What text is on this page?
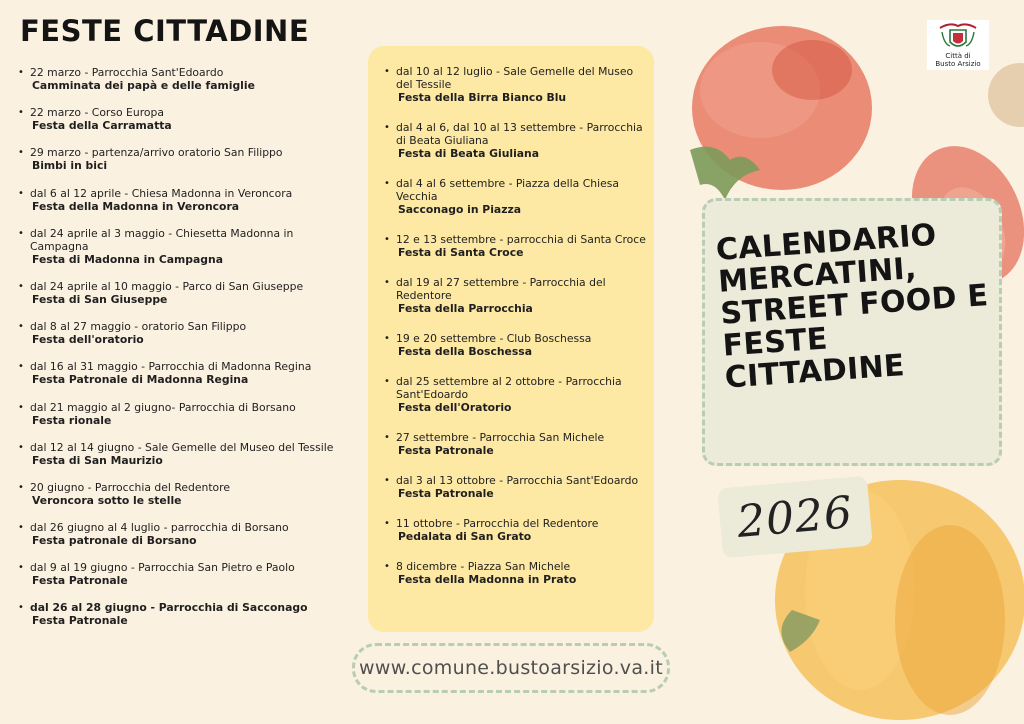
FESTE CITTADINE
• 22 marzo - Parrocchia Sant'Edoardo
Camminata dei papà e delle famiglie
• 22 marzo - Corso Europa
Festa della Carramatta
• 29 marzo - partenza/arrivo oratorio San Filippo
Bimbi in bici
• dal 6 al 12 aprile - Chiesa Madonna in Veroncora
Festa della Madonna in Veroncora
• dal 24 aprile al 3 maggio - Chiesetta Madonna in Campagna
Festa di Madonna in Campagna
• dal 24 aprile al 10 maggio - Parco di San Giuseppe
Festa di San Giuseppe
• dal 8 al 27 maggio - oratorio San Filippo
Festa dell'oratorio
• dal 16 al 31 maggio - Parrocchia di Madonna Regina
Festa Patronale di Madonna Regina
• dal 21 maggio al 2 giugno- Parrocchia di Borsano
Festa rionale
• dal 12 al 14 giugno - Sale Gemelle del Museo del Tessile
Festa di San Maurizio
• 20 giugno - Parrocchia del Redentore
Veroncora sotto le stelle
• dal 26 giugno al 4 luglio - parrocchia di Borsano
Festa patronale di Borsano
• dal 9 al 19 giugno - Parrocchia San Pietro e Paolo
Festa Patronale
• dal 26 al 28 giugno - Parrocchia di Sacconago
Festa Patronale
• dal 10 al 12 luglio - Sale Gemelle del Museo del Tessile
Festa della Birra Bianco Blu
• dal 4 al 6, dal 10 al 13 settembre - Parrocchia di Beata Giuliana
Festa di Beata Giuliana
• dal 4 al 6 settembre - Piazza della Chiesa Vecchia
Sacconago in Piazza
• 12 e 13 settembre - parrocchia di Santa Croce
Festa di Santa Croce
• dal 19 al 27 settembre - Parrocchia del Redentore
Festa della Parrocchia
• 19 e 20 settembre - Club Boschessa
Festa della Boschessa
• dal 25 settembre al 2 ottobre - Parrocchia Sant'Edoardo
Festa dell'Oratorio
• 27 settembre - Parrocchia San Michele
Festa Patronale
• dal 3 al 13 ottobre - Parrocchia Sant'Edoardo
Festa Patronale
• 11 ottobre - Parrocchia del Redentore
Pedalata di San Grato
• 8 dicembre - Piazza San Michele
Festa della Madonna in Prato
www.comune.bustoarsizio.va.it
CALENDARIO MERCATINI, STREET FOOD E FESTE CITTADINE
2026
Città di
Busto Arsizio
